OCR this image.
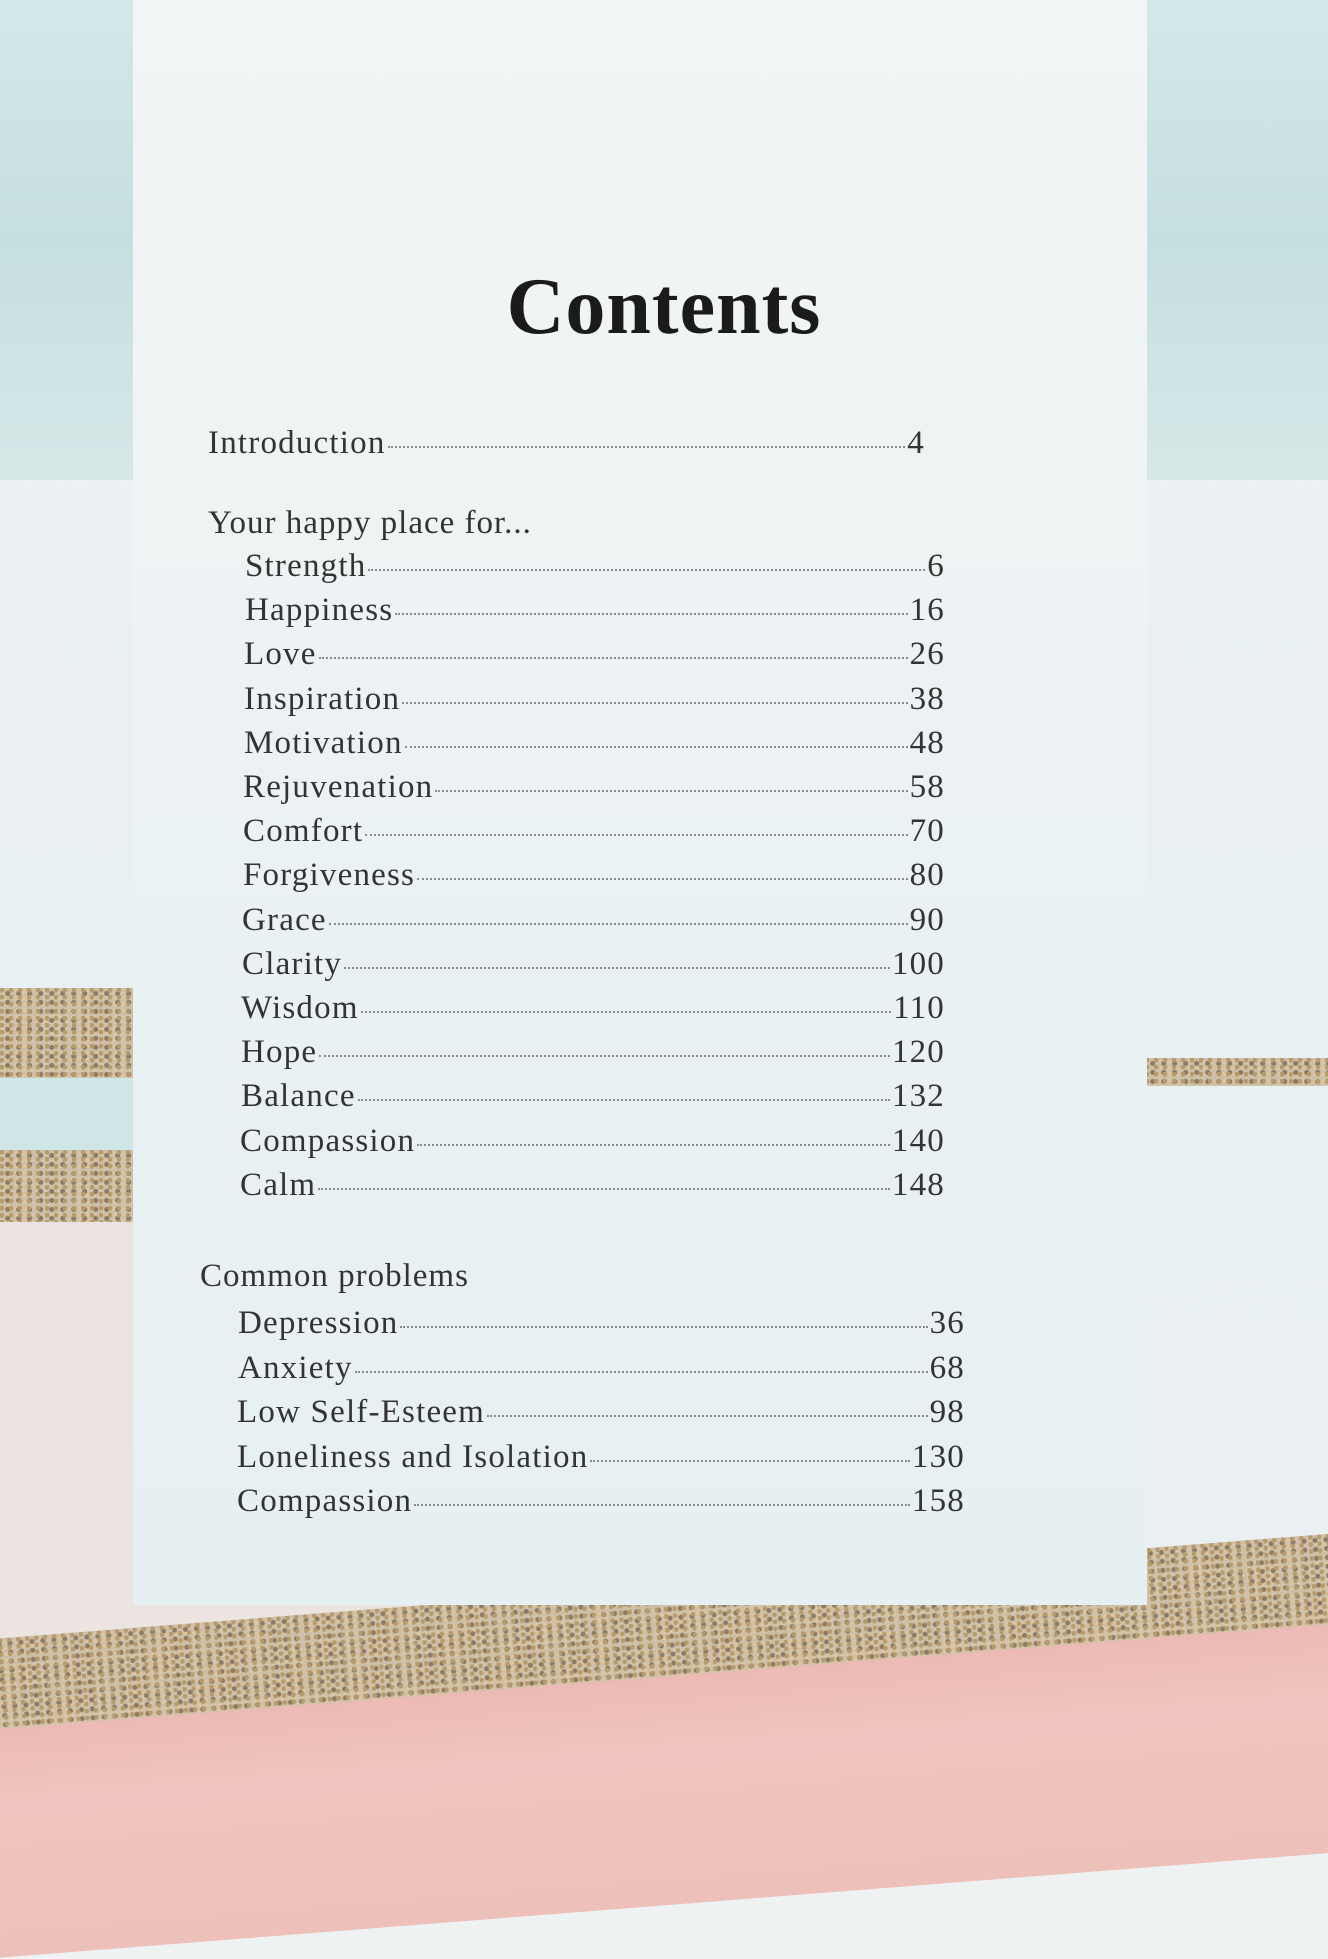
Contents
Introduction	4
Your happy place for...
Strength	6
Happiness	16
Love	26
Inspiration	38
Motivation	48
Rejuvenation	58
Comfort	70
Forgiveness	80
Grace	90
Clarity	100
Wisdom	110
Hope	120
Balance	132
Compassion	140
Calm	148
Common problems
Depression	36
Anxiety	68
Low Self-Esteem	98
Loneliness and Isolation	130
Compassion	158
